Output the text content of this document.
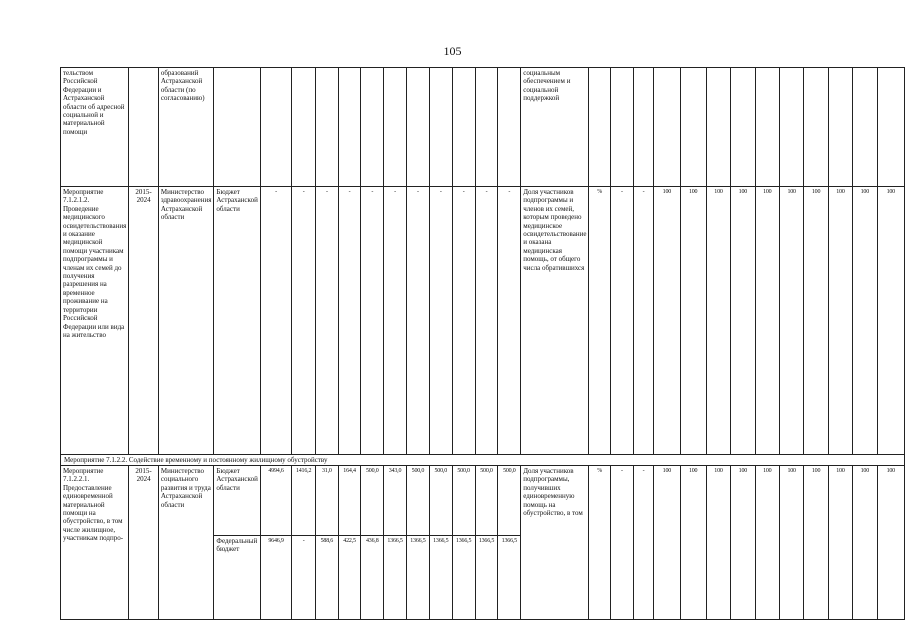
105
тельством Российской Федерации и Астраханской области об адресной социальной и материальной помощи		образований Астраханской области (по согласованию)													социальным обеспечением и социальной поддержкой													
Мероприятие 7.1.2.1.2. Проведение медицинского освидетельствования и оказание медицинской помощи участникам подпрограммы и членам их семей до получения разрешения на временное проживание на территории Российской Федерации или вида на жительство	2015-2024	Министерство здравоохранения Астраханской области	Бюджет Астраханской области	-	-	-	-	-	-	-	-	-	-	-	Доля участников подпрограммы и членов их семей, которым проведено медицинское освидетельствование и оказана медицинская помощь, от общего числа обратившихся	%	-	-	100	100	100	100	100	100	100	100	100	100
Мероприятие 7.1.2.2. Содействие временному и постоянному жилищному обустройству																												
Мероприятие 7.1.2.2.1. Предоставление единовременной материальной помощи на обустройство, в том числе жилищное, участникам подпро-	2015-2024	Министерство социального развития и труда Астраханской области	Бюджет Астраханской области	4994,6	1416,2	31,0	164,4	500,0	343,0	500,0	500,0	500,0	500,0	500,0	Доля участников подпрограммы, получивших единовременную помощь на обустройство, в том	%	-	-	100	100	100	100	100	100	100	100	100	100
			Федеральный бюджет	9646,9	-	588,6	422,5	436,8	1366,5	1366,5	1366,5	1366,5	1366,5	1366,5														
